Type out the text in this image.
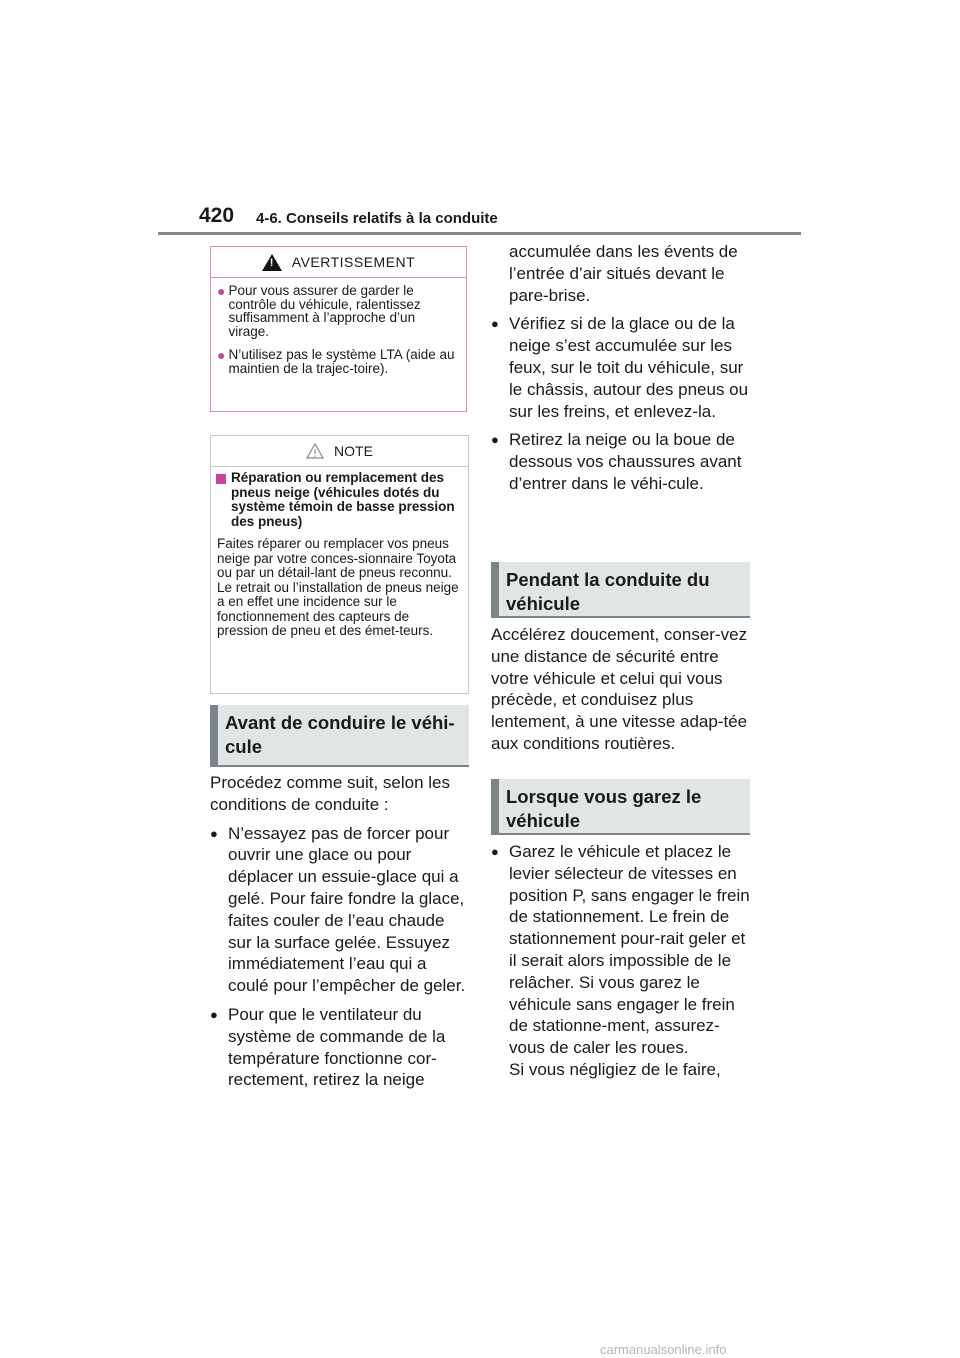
420 4-6. Conseils relatifs à la conduite
!
AVERTISSEMENT
● Pour vous assurer de garder le contrôle du véhicule, ralentissez suffisamment à l’approche d’un virage.
● N’utilisez pas le système LTA (aide au maintien de la trajec-toire).
NOTE
Réparation ou remplacement des pneus neige (véhicules dotés du système témoin de basse pression des pneus)
Faites réparer ou remplacer vos pneus neige par votre conces-sionnaire Toyota ou par un détail-lant de pneus reconnu.
Le retrait ou l’installation de pneus neige a en effet une incidence sur le fonctionnement des capteurs de pression de pneu et des émet-teurs.
Avant de conduire le véhi-cule
Procédez comme suit, selon les conditions de conduite :
● N’essayez pas de forcer pour ouvrir une glace ou pour déplacer un essuie-glace qui a gelé. Pour faire fondre la glace, faites couler de l’eau chaude sur la surface gelée. Essuyez immédiatement l’eau qui a coulé pour l’empêcher de geler.
● Pour que le ventilateur du système de commande de la température fonctionne cor-rectement, retirez la neige
accumulée dans les évents de l’entrée d’air situés devant le pare-brise.
● Vérifiez si de la glace ou de la neige s’est accumulée sur les feux, sur le toit du véhicule, sur le châssis, autour des pneus ou sur les freins, et enlevez-la.
● Retirez la neige ou la boue de dessous vos chaussures avant d’entrer dans le véhi-cule.
Pendant la conduite du véhicule
Accélérez doucement, conser-vez une distance de sécurité entre votre véhicule et celui qui vous précède, et conduisez plus lentement, à une vitesse adap-tée aux conditions routières.
Lorsque vous garez le véhicule
● Garez le véhicule et placez le levier sélecteur de vitesses en position P, sans engager le frein de stationnement. Le frein de stationnement pour-rait geler et il serait alors impossible de le relâcher. Si vous garez le véhicule sans engager le frein de stationne-ment, assurez-vous de caler les roues.
Si vous négligiez de le faire,
carmanualsonline.info
